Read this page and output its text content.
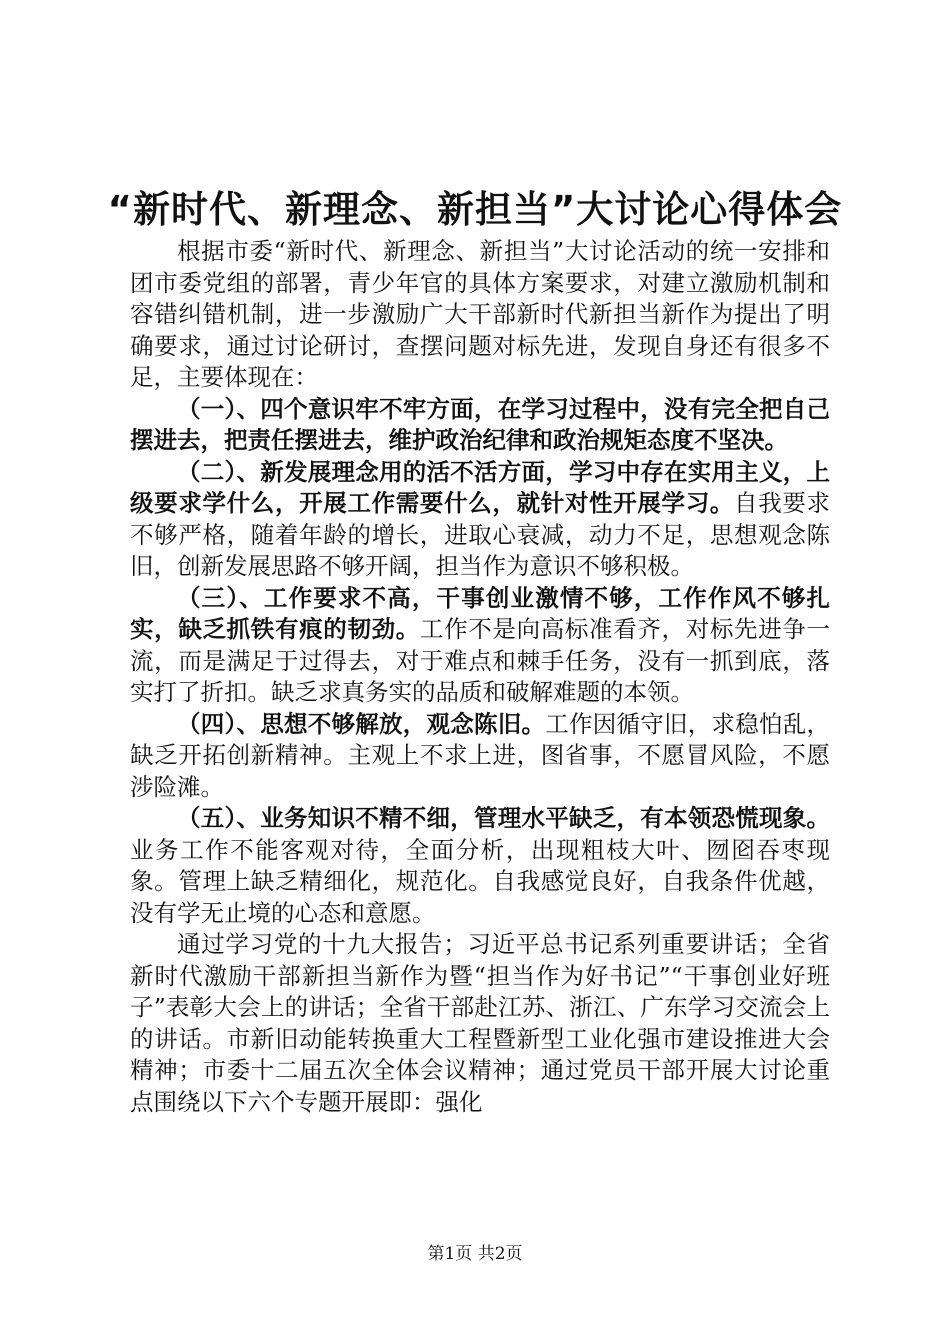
“新时代、新理念、新担当”大讨论心得体会

根据市委“新时代、新理念、新担当”大讨论活动的统一安排和团市委党组的部署，青少年官的具体方案要求，对建立激励机制和容错纠错机制，进一步激励广大干部新时代新担当新作为提出了明确要求，通过讨论研讨，查摆问题对标先进，发现自身还有很多不足，主要体现在：

（一）、四个意识牢不牢方面，在学习过程中，没有完全把自己摆进去，把责任摆进去，维护政治纪律和政治规矩态度不坚决。

（二）、新发展理念用的活不活方面，学习中存在实用主义，上级要求学什么，开展工作需要什么，就针对性开展学习。自我要求不够严格，随着年龄的增长，进取心衰减，动力不足，思想观念陈旧，创新发展思路不够开阔，担当作为意识不够积极。

（三）、工作要求不高，干事创业激情不够，工作作风不够扎实，缺乏抓铁有痕的韧劲。工作不是向高标准看齐，对标先进争一流，而是满足于过得去，对于难点和棘手任务，没有一抓到底，落实打了折扣。缺乏求真务实的品质和破解难题的本领。

（四）、思想不够解放，观念陈旧。工作因循守旧，求稳怕乱，缺乏开拓创新精神。主观上不求上进，图省事，不愿冒风险，不愿涉险滩。

（五）、业务知识不精不细，管理水平缺乏，有本领恐慌现象。业务工作不能客观对待，全面分析，出现粗枝大叶、囫囵吞枣现象。管理上缺乏精细化，规范化。自我感觉良好，自我条件优越，没有学无止境的心态和意愿。

通过学习党的十九大报告；习近平总书记系列重要讲话；全省新时代激励干部新担当新作为暨“担当作为好书记”“干事创业好班子”表彰大会上的讲话；全省干部赴江苏、浙江、广东学习交流会上的讲话。市新旧动能转换重大工程暨新型工业化强市建设推进大会精神；市委十二届五次全体会议精神；通过党员干部开展大讨论重点围绕以下六个专题开展即：强化

第1页 共2页
